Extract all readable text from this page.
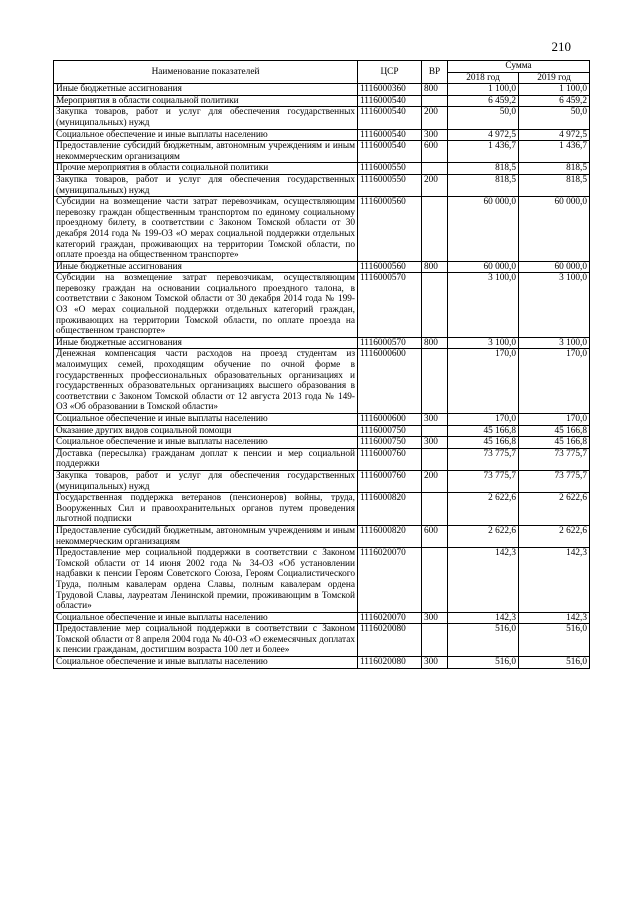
210
Наименование показателей	ЦСР	ВР	Сумма	
			2018 год	2019 год
Иные бюджетные ассигнования	1116000360	800	1 100,0	1 100,0
Мероприятия в области социальной политики	1116000540		6 459,2	6 459,2
Закупка товаров, работ и услуг для обеспечения государственных (муниципальных) нужд	1116000540	200	50,0	50,0
Социальное обеспечение и иные выплаты населению	1116000540	300	4 972,5	4 972,5
Предоставление субсидий бюджетным, автономным учреждениям и иным некоммерческим организациям	1116000540	600	1 436,7	1 436,7
Прочие мероприятия в области социальной политики	1116000550		818,5	818,5
Закупка товаров, работ и услуг для обеспечения государственных (муниципальных) нужд	1116000550	200	818,5	818,5
Субсидии на возмещение части затрат перевозчикам, осуществляющим перевозку граждан общественным транспортом по единому социальному проездному билету, в соответствии с Законом Томской области от 30 декабря 2014 года № 199-ОЗ «О мерах социальной поддержки отдельных категорий граждан, проживающих на территории Томской области, по оплате проезда на общественном транспорте»	1116000560		60 000,0	60 000,0
Иные бюджетные ассигнования	1116000560	800	60 000,0	60 000,0
Субсидии на возмещение затрат перевозчикам, осуществляющим перевозку граждан на основании социального проездного талона, в соответствии с Законом Томской области от 30 декабря 2014 года № 199-ОЗ «О мерах социальной поддержки отдельных категорий граждан, проживающих на территории Томской области, по оплате проезда на общественном транспорте»	1116000570		3 100,0	3 100,0
Иные бюджетные ассигнования	1116000570	800	3 100,0	3 100,0
Денежная компенсация части расходов на проезд студентам из малоимущих семей, проходящим обучение по очной форме в государственных профессиональных образовательных организациях и государственных образовательных организациях высшего образования в соответствии с Законом Томской области от 12 августа 2013 года № 149-ОЗ «Об образовании в Томской области»	1116000600		170,0	170,0
Социальное обеспечение и иные выплаты населению	1116000600	300	170,0	170,0
Оказание других видов социальной помощи	1116000750		45 166,8	45 166,8
Социальное обеспечение и иные выплаты населению	1116000750	300	45 166,8	45 166,8
Доставка (пересылка) гражданам доплат к пенсии и мер социальной поддержки	1116000760		73 775,7	73 775,7
Закупка товаров, работ и услуг для обеспечения государственных (муниципальных) нужд	1116000760	200	73 775,7	73 775,7
Государственная поддержка ветеранов (пенсионеров) войны, труда, Вооруженных Сил и правоохранительных органов путем проведения льготной подписки	1116000820		2 622,6	2 622,6
Предоставление субсидий бюджетным, автономным учреждениям и иным некоммерческим организациям	1116000820	600	2 622,6	2 622,6
Предоставление мер социальной поддержки в соответствии с Законом Томской области от 14 июня 2002 года № 34-ОЗ «Об установлении надбавки к пенсии Героям Советского Союза, Героям Социалистического Труда, полным кавалерам ордена Славы, полным кавалерам ордена Трудовой Славы, лауреатам Ленинской премии, проживающим в Томской области»	1116020070		142,3	142,3
Социальное обеспечение и иные выплаты населению	1116020070	300	142,3	142,3
Предоставление мер социальной поддержки в соответствии с Законом Томской области от 8 апреля 2004 года № 40-ОЗ «О ежемесячных доплатах к пенсии гражданам, достигшим возраста 100 лет и более»	1116020080		516,0	516,0
Социальное обеспечение и иные выплаты населению	1116020080	300	516,0	516,0
